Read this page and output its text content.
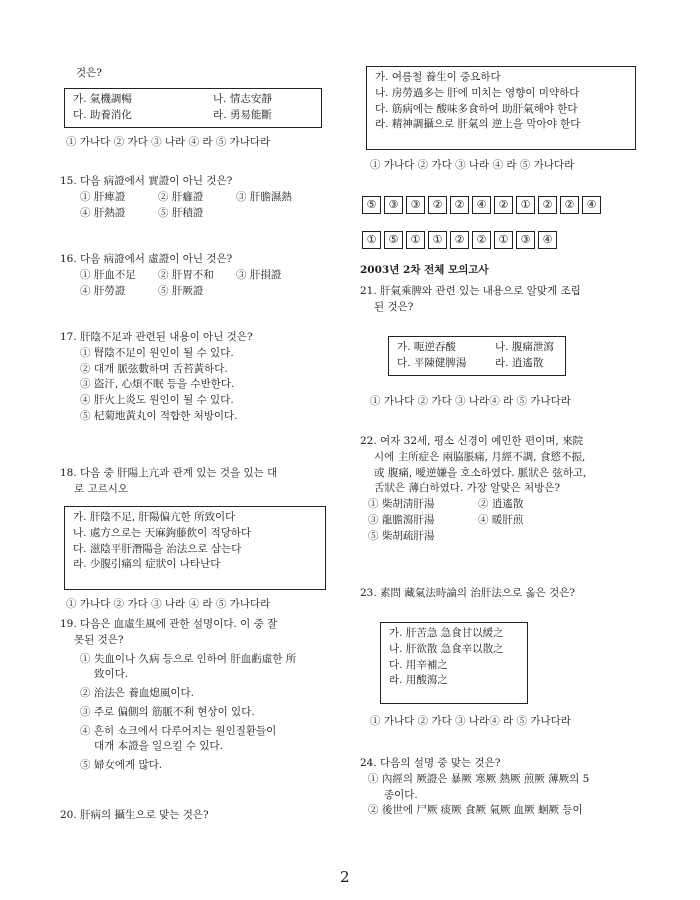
것은?
가. 氣機調暢	나. 情志安靜
다. 助養消化	라. 勇易能斷
① 가나다 ② 가다 ③ 나라 ④ 라 ⑤ 가나다라
15. 다음 病證에서 實證이 아닌 것은?
① 肝痺證	② 肝癰證	③ 肝膽濕熱
④ 肝熱證	⑤ 肝積證
16. 다음 病證에서 虛證이 아닌 것은?
① 肝血不足	② 肝胃不和	③ 肝損證
④ 肝勞證	⑤ 肝厥證
17. 肝陰不足과 관련된 내용이 아닌 것은?
① 腎陰不足이 원인이 될 수 있다.
② 대개 脈弦數하며 舌苔黃하다.
③ 盜汗, 心煩不眠 등을 수반한다.
④ 肝火上炎도 원인이 될 수 있다.
⑤ 杞菊地黃丸이 적합한 처방이다.
18. 다음 중 肝陽上亢과 관계 있는 것을 있는 대
로 고르시오
가. 肝陰不足, 肝陽偏亢한 所致이다
나. 處方으로는 天麻鉤藤飮이 적당하다
다. 滋陰平肝潛陽을 治法으로 삼는다
라. 少腹引痛의 症狀이 나타난다
① 가나다 ② 가다 ③ 나라 ④ 라 ⑤ 가나다라
19. 다음은 血虛生風에 관한 설명이다. 이 중 잘
못된 것은?
① 失血이나 久病 등으로 인하여 肝血虧虛한 所
致이다.
② 治法은 養血熄風이다.
③ 주로 偏側의 筋脈不利 현상이 있다.
④ 흔히 쇼크에서 다루어지는 원인질환들이
대개 本證을 일으킬 수 있다.
⑤ 婦女에게 많다.
20. 肝病의 攝生으로 맞는 것은?
가. 여름철 養生이 중요하다
나. 房勞過多는 肝에 미치는 영향이 미약하다
다. 筋病에는 酸味多食하여 助肝氣해야 한다
라. 精神調攝으로 肝氣의 逆上을 막아야 한다
① 가나다 ② 가다 ③ 나라 ④ 라 ⑤ 가나다라
⑤	③	③	②	②	④	②	①	②	②	④
①	⑤	①	①	②	②	①	③	④
2003년 2차 전체 모의고사
21. 肝氣乘脾와 관련 있는 내용으로 알맞게 조립
된 것은?
가. 呃逆吞酸	나. 腹痛泄瀉
다. 平陳健脾湯	라. 逍遙散
① 가나다 ② 가다 ③ 나라④ 라 ⑤ 가나다라
22. 여자 32세, 평소 신경이 예민한 편이며, 來院
시에 主所症은 兩脇脹痛, 月經不調, 食慾不振,
或 腹痛, 噯逆嫌을 호소하였다. 脈狀은 弦하고,
舌狀은 薄白하였다. 가장 알맞은 처방은?
① 柴胡淸肝湯	② 逍遙散
③ 龍膽瀉肝湯	④ 暖肝煎
⑤ 柴胡疏肝湯
23. 素問 藏氣法時論의 治肝法으로 옳은 것은?
가. 肝苦急 急食甘以緩之
나. 肝欲散 急食辛以散之
다. 用辛補之
라. 用酸瀉之
① 가나다 ② 가다 ③ 나라④ 라 ⑤ 가나다라
24. 다음의 설명 중 맞는 것은?
① 內經의 厥證은 暴厥 寒厥 熱厥 煎厥 薄厥의 5
종이다.
② 後世에 尸厥 痰厥 食厥 氣厥 血厥 蛔厥 등이
2
